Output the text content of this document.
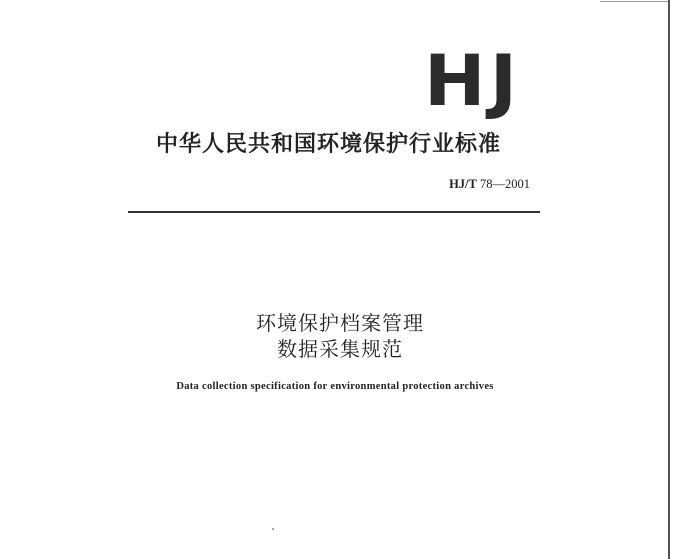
HJ
中华人民共和国环境保护行业标准
HJ/T 78—2001
环境保护档案管理
数据采集规范
Data collection specification for environmental protection archives
